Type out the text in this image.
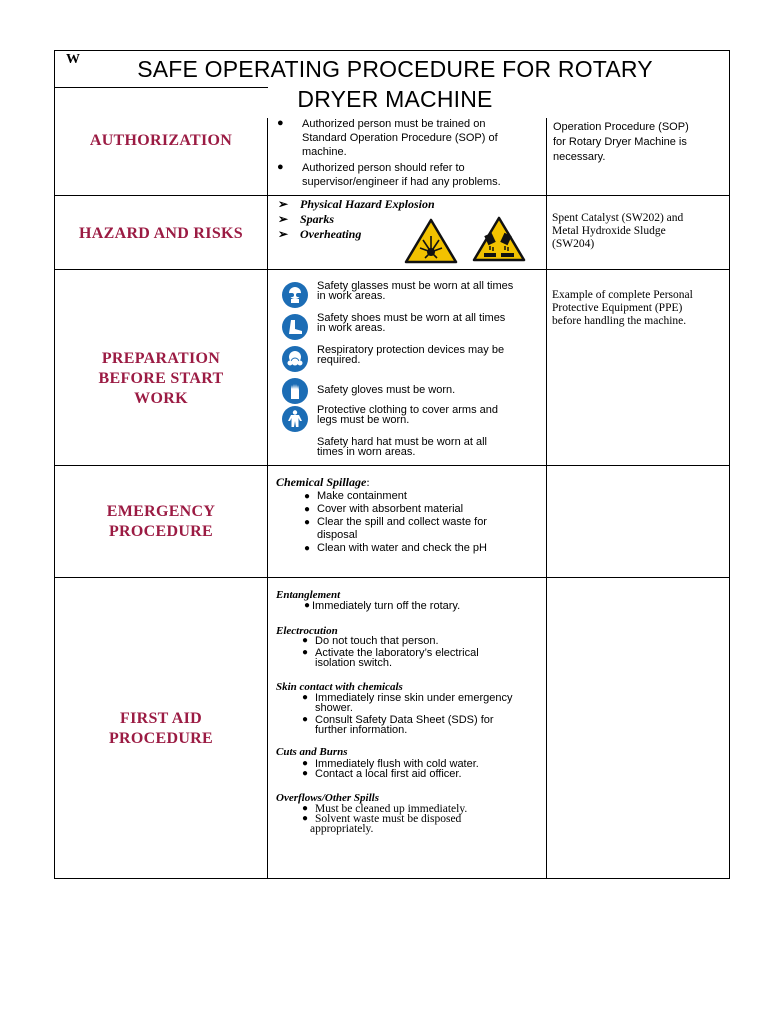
W	SAFE OPERATING PROCEDURE FOR ROTARY
DRYER MACHINE
AUTHORIZATION
● Authorized person must be trained on
Standard Operation Procedure (SOP) of
machine.
● Authorized person should refer to
supervisor/engineer if had any problems.
Operation Procedure (SOP)
for Rotary Dryer Machine is
necessary.
HAZARD AND RISKS
➢ Physical Hazard Explosion
➢ Sparks
➢ Overheating
Spent Catalyst (SW202) and
Metal Hydroxide Sludge
(SW204)
PREPARATION
BEFORE START
WORK
Safety glasses must be worn at all times
in work areas.
Safety shoes must be worn at all times
in work areas.
Respiratory protection devices may be
required.
Safety gloves must be worn.
Protective clothing to cover arms and
legs must be worn.
Safety hard hat must be worn at all
times in worn areas.
Example of complete Personal
Protective Equipment (PPE)
before handling the machine.
EMERGENCY
PROCEDURE
Chemical Spillage:
● Make containment
● Cover with absorbent material
● Clear the spill and collect waste for
disposal
● Clean with water and check the pH
FIRST AID
PROCEDURE
Entanglement
● Immediately turn off the rotary.
Electrocution
● Do not touch that person.
● Activate the laboratory’s electrical
isolation switch.
Skin contact with chemicals
● Immediately rinse skin under emergency
shower.
● Consult Safety Data Sheet (SDS) for
further information.
Cuts and Burns
● Immediately flush with cold water.
● Contact a local first aid officer.
Overflows/Other Spills
● Must be cleaned up immediately.
● Solvent waste must be disposed
appropriately.
